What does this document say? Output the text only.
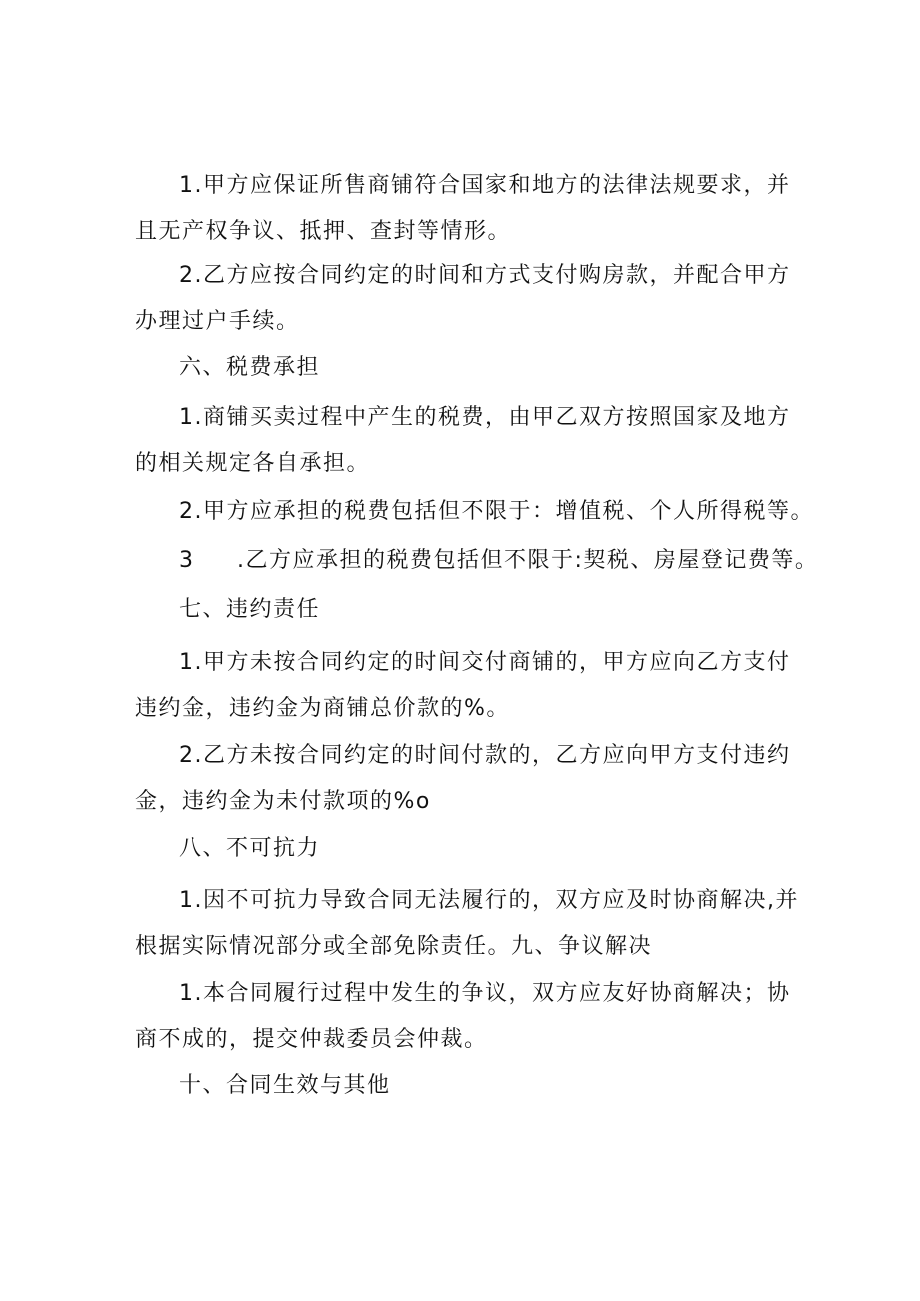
1.甲方应保证所售商铺符合国家和地方的法律法规要求，并
且无产权争议、抵押、查封等情形。
2.乙方应按合同约定的时间和方式支付购房款，并配合甲方
办理过户手续。
六、税费承担
1.商铺买卖过程中产生的税费，由甲乙双方按照国家及地方
的相关规定各自承担。
2.甲方应承担的税费包括但不限于：增值税、个人所得税等。
3 .乙方应承担的税费包括但不限于:契税、房屋登记费等。
七、违约责任
1.甲方未按合同约定的时间交付商铺的，甲方应向乙方支付
违约金，违约金为商铺总价款的%。
2.乙方未按合同约定的时间付款的，乙方应向甲方支付违约
金，违约金为未付款项的%o
八、不可抗力
1.因不可抗力导致合同无法履行的，双方应及时协商解决,并
根据实际情况部分或全部免除责任。九、争议解决
1.本合同履行过程中发生的争议，双方应友好协商解决；协
商不成的，提交仲裁委员会仲裁。
十、合同生效与其他
